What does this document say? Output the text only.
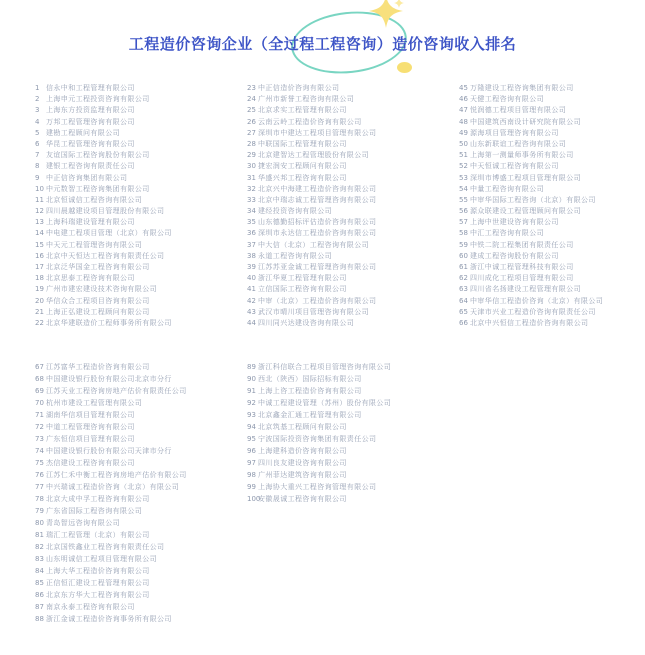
工程造价咨询企业（全过程工程咨询）造价咨询收入排名
1 信永中和工程管理有限公司
2 上海申元工程投资咨询有限公司
3 上海东方投资监理有限公司
4 万邦工程管理咨询有限公司
5 建勘工程顾问有限公司
6 华昆工程管理咨询有限公司
7 友谊国际工程咨询股份有限公司
8 建银工程咨询有限责任公司
9 中正信咨询集团有限公司
10 中元数智工程咨询集团有限公司
11 北京恒诚信工程咨询有限公司
12 四川晨越建设项目管理股份有限公司
13 上海科瑞建设管理有限公司
14 中电建工程项目管理（北京）有限公司
15 中天元工程管理咨询有限公司
16 北京中天恒达工程咨询有限责任公司
17 北京泛华国金工程咨询有限公司
18 北京思泰工程咨询有限公司
19 广州市建宏建设技术咨询有限公司
20 华信众合工程项目咨询有限公司
21 上海正弘建设工程顾问有限公司
22 北京华建联造价工程师事务所有限公司
23 中正信造价咨询有限公司
24 广州市新誉工程咨询有限公司
25 北京求实工程管理有限公司
26 云南云岭工程造价咨询有限公司
27 深圳市中建达工程项目管理有限公司
28 中联国际工程管理有限公司
29 北京建智达工程管理股份有限公司
30 捷宏润安工程顾问有限公司
31 华盛兴邦工程咨询有限公司
32 北京兴中海建工程造价咨询有限公司
33 北京中瑞志诚工程管理咨询有限公司
34 建经投资咨询有限公司
35 山东德勤招标评估造价咨询有限公司
36 深圳市永达信工程造价咨询有限公司
37 中大信（北京）工程咨询有限公司
38 永道工程咨询有限公司
39 江苏苏亚金诚工程管理咨询有限公司
40 浙江华夏工程管理有限公司
41 立信国际工程咨询有限公司
42 中审（北京）工程造价咨询有限公司
43 武汉市晴川项目管理咨询有限公司
44 四川同兴达建设咨询有限公司
45 万隆建设工程咨询集团有限公司
46 天健工程咨询有限公司
47 悦润德工程项目管理有限公司
48 中国建筑西南设计研究院有限公司
49 源海项目管理咨询有限公司
50 山东新联谊工程咨询有限公司
51 上海第一测量师事务所有限公司
52 中天恒诚工程咨询有限公司
53 深圳市博盛工程项目管理有限公司
54 中量工程咨询有限公司
55 中审华国际工程咨询（北京）有限公司
56 源众联建设工程管理顾问有限公司
57 上海中世建设咨询有限公司
58 中汇工程咨询有限公司
59 中铁二院工程集团有限责任公司
60 建成工程咨询股份有限公司
61 浙江中诚工程管理科技有限公司
62 四川成化工程项目管理有限公司
63 四川省名扬建设工程管理有限公司
64 中审华信工程造价咨询（北京）有限公司
65 天津市兴业工程造价咨询有限责任公司
66 北京中兴恒信工程造价咨询有限公司
67 江苏富华工程造价咨询有限公司
68 中国建设银行股份有限公司北京市分行
69 江苏天业工程咨询房地产估价有限责任公司
70 杭州市建设工程管理有限公司
71 湖南华信项目管理有限公司
72 中道工程管理咨询有限公司
73 广东恒信项目管理有限公司
74 中国建设银行股份有限公司天津市分行
75 杰信建设工程咨询有限公司
76 江苏仁禾中衡工程咨询房地产估价有限公司
77 中兴瑞诚工程造价咨询（北京）有限公司
78 北京大成中孚工程咨询有限公司
79 广东省国际工程咨询有限公司
80 青岛智远咨询有限公司
81 瑞汇工程管理（北京）有限公司
82 北京国铁鑫业工程咨询有限责任公司
83 山东明诚信工程项目管理有限公司
84 上海大华工程造价咨询有限公司
85 正信恒汇建设工程管理有限公司
86 北京东方华大工程咨询有限公司
87 南京永泰工程咨询有限公司
88 浙江金诚工程造价咨询事务所有限公司
89 浙江科信联合工程项目管理咨询有限公司
90 西北（陕西）国际招标有限公司
91 上海上咨工程造价咨询有限公司
92 中诚工程建设管理（苏州）股份有限公司
93 北京鑫金汇通工程管理有限公司
94 北京筑基工程顾问有限公司
95 宁波国际投资咨询集团有限责任公司
96 上海建科造价咨询有限公司
97 四川良友建设咨询有限公司
98 广州菲达建筑咨询有限公司
99 上海协大重兴工程咨询管理有限公司
100
安徽晟诚工程咨询有限公司
